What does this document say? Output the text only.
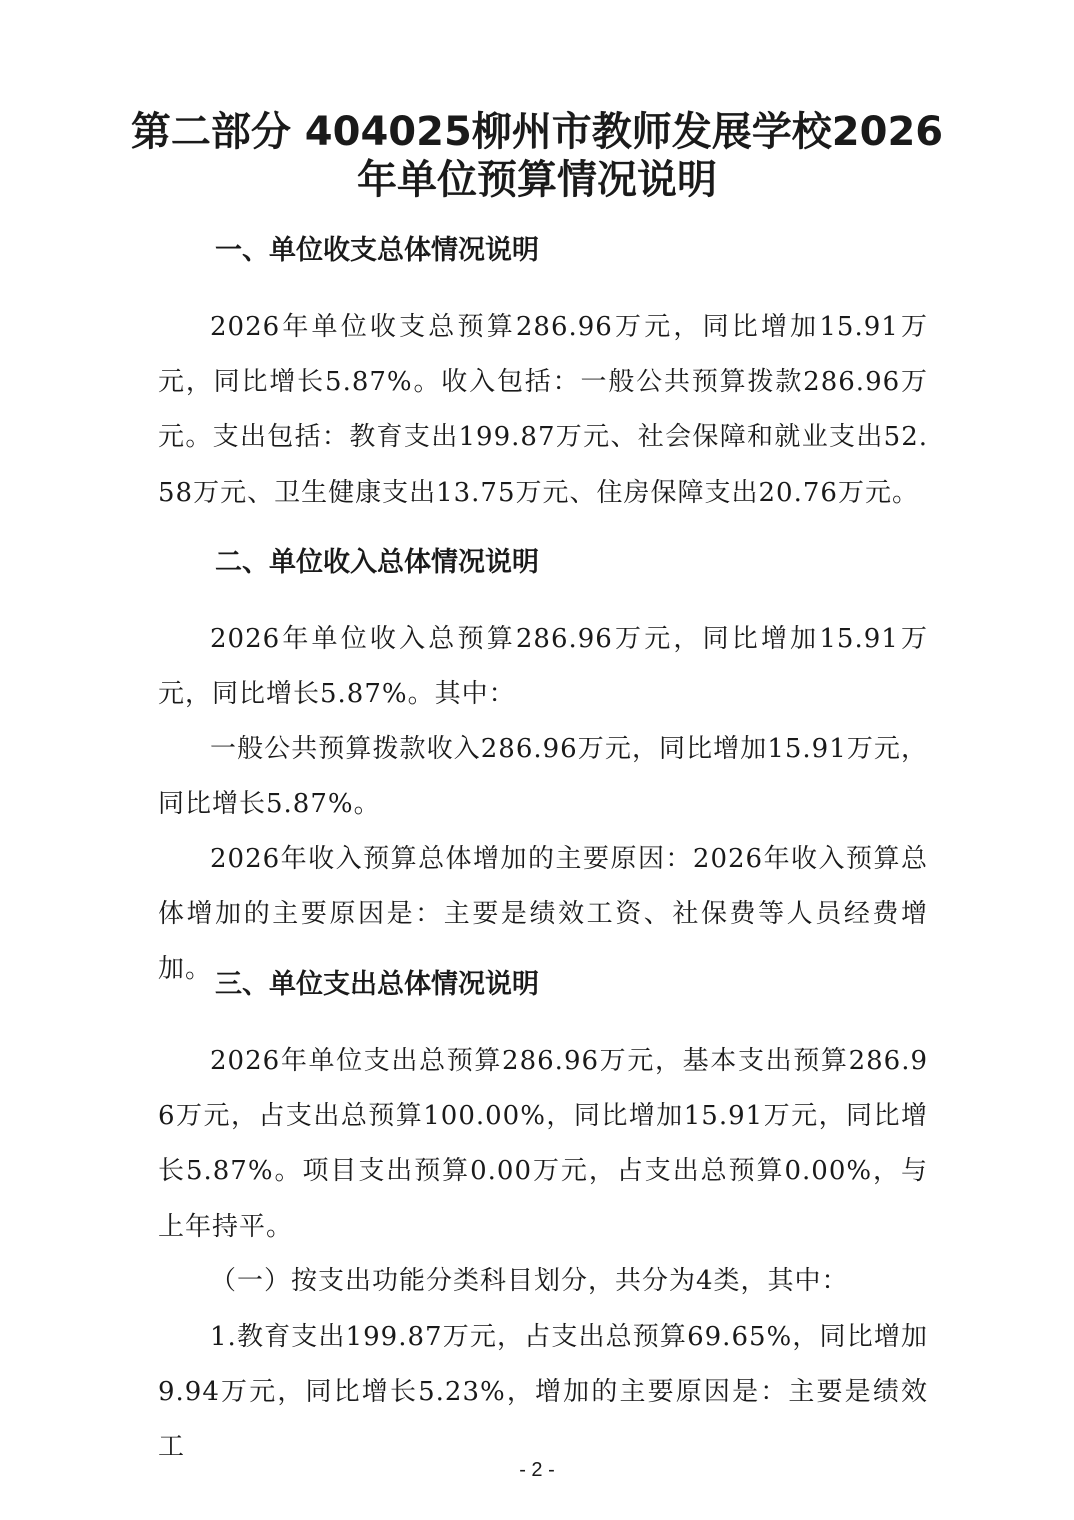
第二部分 404025柳州市教师发展学校2026年单位预算情况说明
一、单位收支总体情况说明

2026年单位收支总预算286.96万元，同比增加15.91万元，同比增长5.87%。收入包括：一般公共预算拨款286.96万元。支出包括：教育支出199.87万元、社会保障和就业支出52.58万元、卫生健康支出13.75万元、住房保障支出20.76万元。

二、单位收入总体情况说明

2026年单位收入总预算286.96万元，同比增加15.91万元，同比增长5.87%。其中：

一般公共预算拨款收入286.96万元，同比增加15.91万元，同比增长5.87%。

2026年收入预算总体增加的主要原因：2026年收入预算总体增加的主要原因是：主要是绩效工资、社保费等人员经费增加。 三、单位支出总体情况说明

2026年单位支出总预算286.96万元，基本支出预算286.96万元，占支出总预算100.00%，同比增加15.91万元，同比增长5.87%。项目支出预算0.00万元，占支出总预算0.00%，与上年持平。

（一）按支出功能分类科目划分，共分为4类，其中：

1.教育支出199.87万元，占支出总预算69.65%，同比增加9.94万元，同比增长5.23%，增加的主要原因是：主要是绩效工

- 2 -
